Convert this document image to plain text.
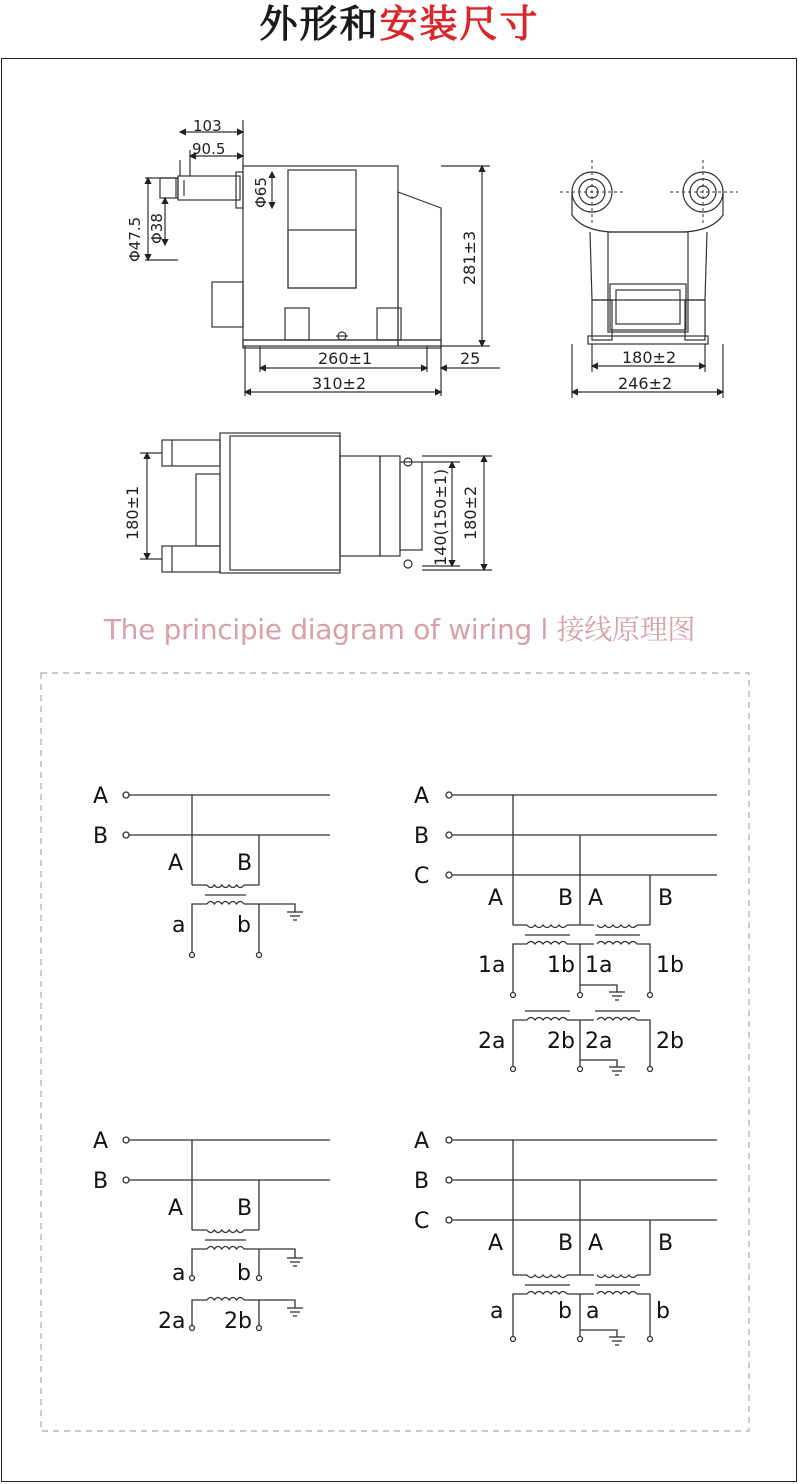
外形和安装尺寸
103
90.5
Φ47.5 Φ38
Φ65
281±3
260±1	25
310±2
180±2
246±2
180±1	140(150±1) 180±2
A
B
A B
a b
A
B
C
A B A B
1a 1b 1a 1b
2a 2b 2a 2b
A
B
A B
a b
2a 2b
A
B
C
A B A B
a b a	b
The principie diagram of wiring l 接线原理图
